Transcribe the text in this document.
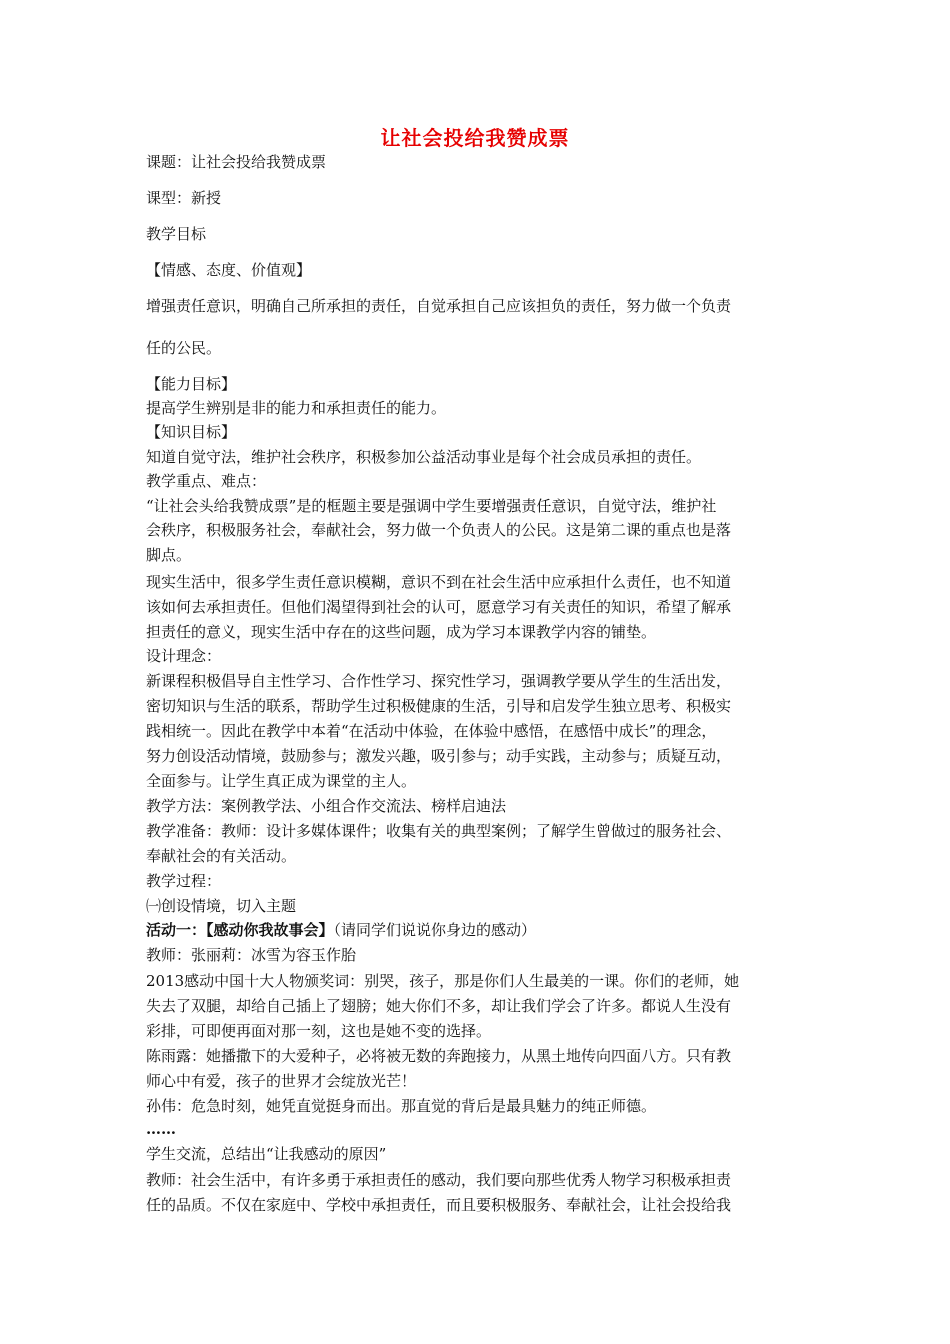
让社会投给我赞成票
课题：让社会投给我赞成票
课型：新授
教学目标
【情感、态度、价值观】
增强责任意识，明确自己所承担的责任，自觉承担自己应该担负的责任，努力做一个负责
任的公民。
【能力目标】
提高学生辨别是非的能力和承担责任的能力。
【知识目标】
知道自觉守法，维护社会秩序，积极参加公益活动事业是每个社会成员承担的责任。
教学重点、难点：
“让社会头给我赞成票”是的框题主要是强调中学生要增强责任意识，自觉守法，维护社
会秩序，积极服务社会，奉献社会，努力做一个负责人的公民。这是第二课的重点也是落
脚点。
现实生活中，很多学生责任意识模糊，意识不到在社会生活中应承担什么责任，也不知道
该如何去承担责任。但他们渴望得到社会的认可，愿意学习有关责任的知识，希望了解承
担责任的意义，现实生活中存在的这些问题，成为学习本课教学内容的铺垫。
设计理念：
新课程积极倡导自主性学习、合作性学习、探究性学习，强调教学要从学生的生活出发，
密切知识与生活的联系，帮助学生过积极健康的生活，引导和启发学生独立思考、积极实
践相统一。因此在教学中本着“在活动中体验，在体验中感悟，在感悟中成长”的理念，
努力创设活动情境，鼓励参与；激发兴趣，吸引参与；动手实践，主动参与；质疑互动，
全面参与。让学生真正成为课堂的主人。
教学方法：案例教学法、小组合作交流法、榜样启迪法
教学准备：教师：设计多媒体课件；收集有关的典型案例；了解学生曾做过的服务社会、
奉献社会的有关活动。
教学过程：
㈠创设情境，切入主题
活动一：【感动你我故事会】（请同学们说说你身边的感动）
教师：张丽莉：冰雪为容玉作胎
2013感动中国十大人物颁奖词：别哭，孩子，那是你们人生最美的一课。你们的老师，她
失去了双腿，却给自己插上了翅膀；她大你们不多，却让我们学会了许多。都说人生没有
彩排，可即便再面对那一刻，这也是她不变的选择。
陈雨露：她播撒下的大爱种子，必将被无数的奔跑接力，从黑土地传向四面八方。只有教
师心中有爱，孩子的世界才会绽放光芒！
孙伟：危急时刻，她凭直觉挺身而出。那直觉的背后是最具魅力的纯正师德。
……
学生交流，总结出“让我感动的原因”
教师：社会生活中，有许多勇于承担责任的感动，我们要向那些优秀人物学习积极承担责
任的品质。不仅在家庭中、学校中承担责任，而且要积极服务、奉献社会，让社会投给我
